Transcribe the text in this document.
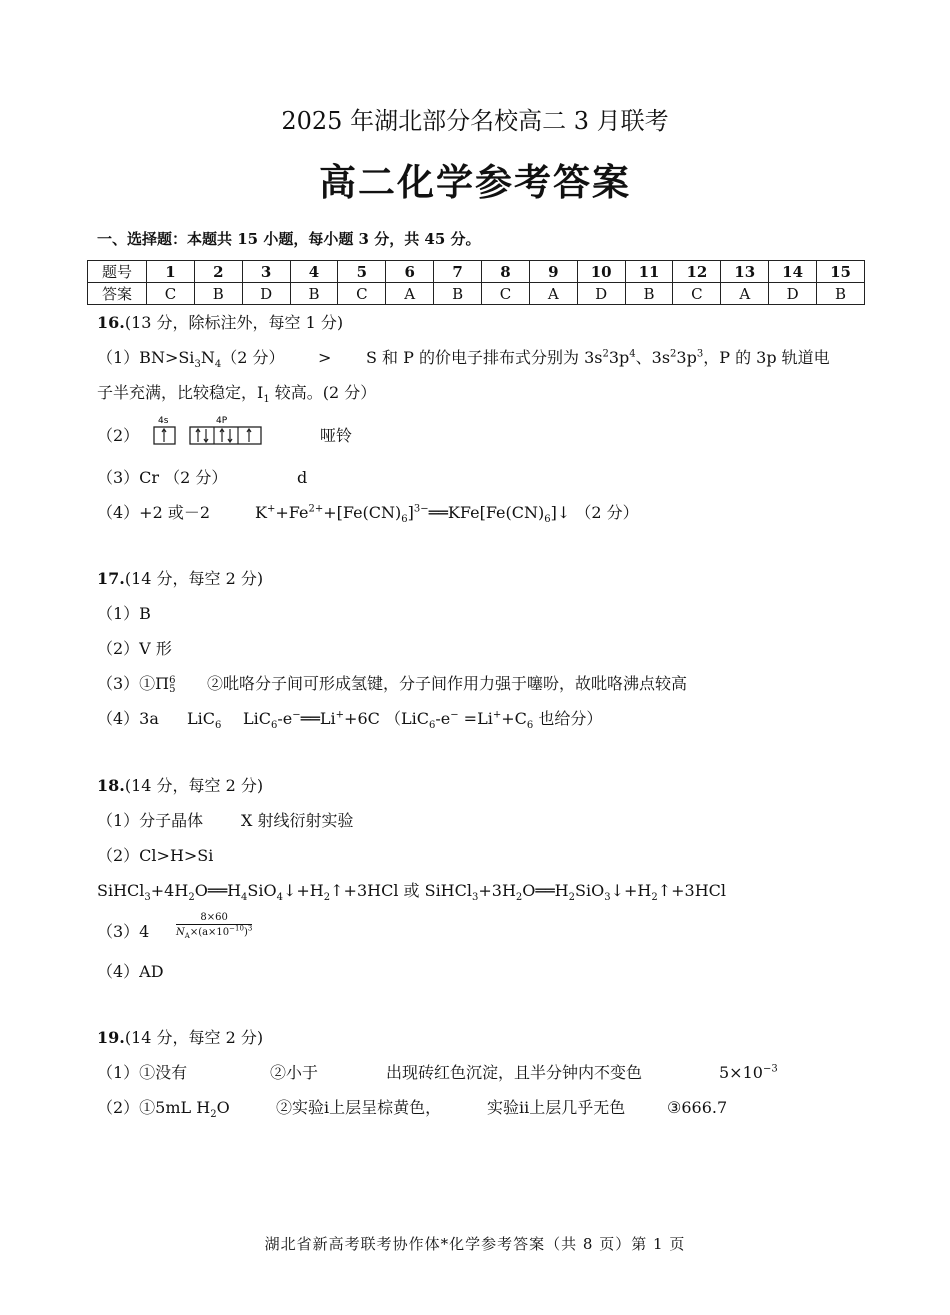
2025 年湖北部分名校高二 3 月联考
高二化学参考答案
一、选择题：本题共 15 小题，每小题 3 分，共 45 分。
题号	1	2	3	4	5	6	7	8	9	10	11	12	13	14	15
答案	C	B	D	B	C	A	B	C	A	D	B	C	A	D	B
16.(13 分，除标注外，每空 1 分)
$(1)BN>Si_3N_4(2$ 分） > S 和 P 的价电子排布式分别为 $3s^23p^4$、$3s^23p^3$，P 的 3p 轨道电
子半充满，比较稳定，$I_1$ 较高。(2 分）
（2）
4s	4P
哑铃
（3）Cr （2 分）	d
（4）+2 或－2	$K^++Fe^{2+}+[Fe(CN)_6]^{3-}══KFe[Fe(CN)_6]↓$ （2 分）
17.(14 分，每空 2 分)
（1）B
（2）V 形
（3）①Π 6
5 ②吡咯分子间可形成氢键，分子间作用力强于噻吩，故吡咯沸点较高
（4）3a LiC$_6$ LiC$_6$-e−══Li++6C （$LiC_6-e^- =Li^++C_6$ 也给分）
18.(14 分，每空 2 分)
（1）分子晶体 X 射线衍射实验
（2）Cl>H>Si
$SiHCl_3+4H_2O══H_4SiO_4↓+H_2↑+3HCl$ 或 $SiHCl_3+3H_2O══H_2SiO_3↓+H_2↑+3HCl$
（3）4	$\frac{8\times 60}{N_A\times(a\times 10^{-10})^3}$
（4）AD
19.(14 分，每空 2 分)
（1）①没有	②小于	出现砖红色沉淀，且半分钟内不变色	$5\times 10^{-3}$
（2）①5mL $H_2O$	②实验ⅰ上层呈棕黄色，	实验ⅱ上层几乎无色	③666.7
湖北省新高考联考协作体*化学参考答案（共 8 页）第 1 页
